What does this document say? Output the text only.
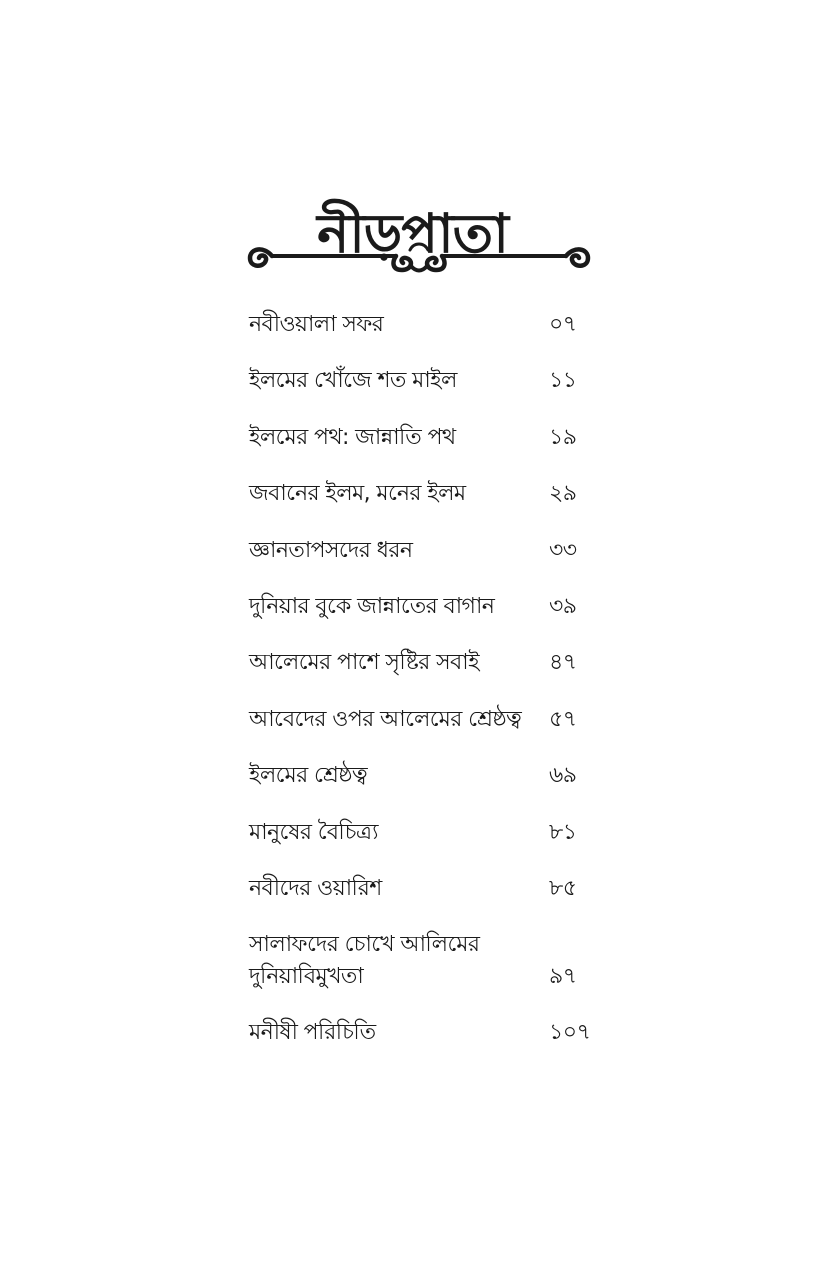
নীড়পাতা
নবীওয়ালা সফর	০৭
ইলমের খোঁজে শত মাইল	১১
ইলমের পথ: জান্নাতি পথ	১৯
জবানের ইলম, মনের ইলম	২৯
জ্ঞানতাপসদের ধরন	৩৩
দুনিয়ার বুকে জান্নাতের বাগান	৩৯
আলেমের পাশে সৃষ্টির সবাই	৪৭
আবেদের ওপর আলেমের শ্রেষ্ঠত্ব	৫৭
ইলমের শ্রেষ্ঠত্ব	৬৯
মানুষের বৈচিত্র্য	৮১
নবীদের ওয়ারিশ	৮৫
সালাফদের চোখে আলিমের
দুনিয়াবিমুখতা	৯৭
মনীষী পরিচিতি	১০৭
